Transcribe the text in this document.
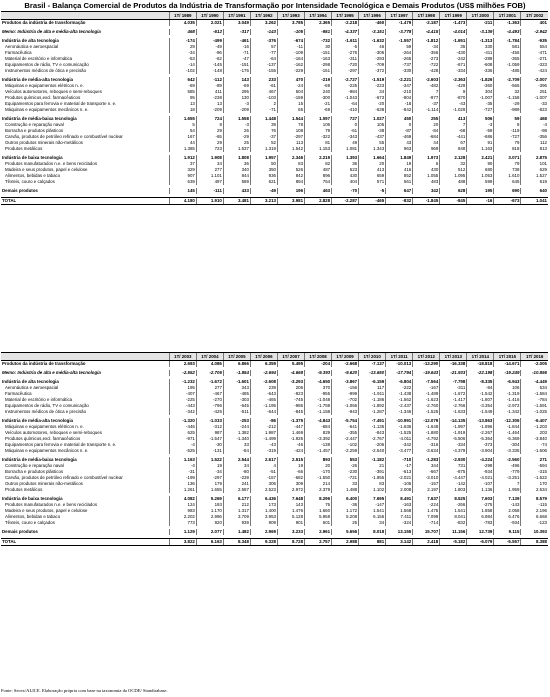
Brasil - Balança Comercial de Produtos da Indústria de Transformação por Intensidade Tecnológica e Demais Produtos (US$ milhões FOB)
	1T/ 1989	1T/ 1990	1T/ 1991	1T/ 1992	1T/ 1993	1T/ 1994	1T/ 1995	1T/ 1996	1T/ 1997	1T/ 1998	1T/ 1999	1T/ 2000	1T/ 2001	1T/ 2002
Produtos da indústria de transformação	4.035	2.021	3.049	3.262	3.785	2.365	-2.218	-460	-1.479	-2.187	-1.473	-211	-1.363	401

Memo: Indústria de alta e média-alta tecnologia	468	-612	-317	-143	-105	-951	-4.337	-3.151	-3.778	-4.415	-4.014	-3.139	-4.493	-2.942

Indústria de alta tecnologia	-174	-499	-461	-376	-674	-732	-1.611	-1.632	-1.557	-1.812	-1.651	-1.313	-1.784	-935
Aeronáutica e aeroespacial	29	-49	-16	57	-11	30	-5	46	59	-34	35	330	581	554
Farmacêutica	-34	-96	-71	-77	-109	-151	-276	-306	-264	-356	-430	-411	-456	-471
Material de escritório e informática	-53	-62	-47	-64	-164	-163	-311	-293	-265	-273	-242	-289	-365	-271
Equipamentos de rádio, TV e comunicação	-14	-145	-151	-137	-162	-298	-720	-709	-737	-722	-671	-608	-1.059	-323
Instrumentos médicos de ótica e precisão	-102	-148	-176	-155	-229	-151	-297	-372	-330	-428	-334	-336	-485	-424

Indústria de média-alta tecnologia	642	-112	143	233	470	-219	-2.727	-1.519	-2.221	-2.603	-2.363	-1.826	-2.709	-2.007
Máquinas e equipamentos elétricos n. e.	-69	-89	-69	-61	-24	-69	-225	-223	-347	-482	-429	-360	-566	-396
Veículos automotores, reboques e semi-reboques	585	411	295	467	604	240	-984	34	-210	7	9	304	32	251
Produtos químicos,excl. farmacêuticos	95	-238	130	-103	-159	-300	-1.043	-673	-804	-977	-870	-1.007	-1.158	-1.007
Equipamentos para ferrovia e material de transporte n. e.	13	13	-3	2	15	-21	-64	-20	-18	-37	-43	-35	-29	-33
Máquinas e equipamentos mecânicos n. e.	18	-209	-209	-71	65	-69	-410	-638	-842	-1.114	-1.029	-727	-989	-823

Indústria de média-baixa tecnologia	1.655	724	1.558	1.448	1.544	1.097	727	1.027	450	255	413	506	59	468
Construção e reparação naval	5	8	-3	39	78	106	0	105	0	20	7	-3	8	-4
Borracha e produtos plásticos	54	29	26	76	108	79	-61	-38	-87	-84	-68	-59	-119	-98
Carvão, produtos de petróleo refinado e combustível nuclear	167	-65	-29	-37	-297	-322	-343	-437	-469	-684	-441	-686	-727	-356
Outros produtos minerais não-metálicos	44	29	25	52	113	81	49	55	43	44	67	91	79	112
Produtos metálicos	1.385	723	1.537	1.319	1.542	1.153	1.081	1.343	963	969	848	1.163	818	813

Indústria de baixa tecnologia	1.912	1.908	1.808	1.957	2.346	2.219	1.393	1.664	1.849	1.973	2.128	2.421	3.071	2.875
Produtos manufaturados n.e. e bens reciclados	37	34	36	50	83	82	36	20	19	6	32	90	79	101
Madeira e seus produtos, papel e celulose	329	277	340	350	526	487	523	413	416	430	512	680	738	629
Alimentos, bebidas e tabaco	907	1.101	844	936	842	896	430	659	852	1.055	1.095	1.053	1.610	1.527
Têxteis, couro e calçados	639	497	589	621	894	754	404	571	561	483	488	599	645	619

Demais produtos	145	-111	433	-49	196	463	-70	-5	647	342	628	195	690	640

TOTAL	4.180	1.910	3.481	3.213	3.981	2.828	-2.287	-465	-832	-1.845	-845	-16	-673	1.041
	1T/ 2003	1T/ 2004	1T/ 2005	1T/ 2006	1T/ 2007	1T/ 2008	1T/ 2009	1T/ 2010	1T/ 2011	1T/ 2012	1T/ 2013	1T/ 2014	1T/ 2015	1T/ 2016
Produtos da indústria de transformação	2.693	4.086	6.866	6.359	5.495	-204	-2.668	-7.137	-10.013	-13.290	-16.338	-18.818	-14.671	-2.005

Memo: Indústria de alta e média-alta tecnologia	-2.552	-2.706	-1.854	-2.694	-4.668	-9.393	-9.620	-13.650	-17.794	-19.643	-21.933	-22.198	-19.249	-10.856

Indústria de alta tecnologia	-1.232	-1.672	-1.601	-2.608	-3.293	-4.650	-3.867	-6.159	-6.804	-7.564	-7.798	-8.335	-6.943	-4.449
Aeronáutica e aeroespacial	195	277	343	239	206	370	-156	117	-222	-167	-311	-84	106	534
Farmacêutica	-407	-467	-485	-643	-923	-955	-999	-1.911	-1.438	-1.489	-1.672	-1.542	-1.319	-1.584
Material de escritório e informática	-225	-270	-303	-465	-745	-1.048	-702	-1.186	-1.562	-1.623	-1.417	-1.807	-1.416	-784
Equipamentos de rádio, TV e comunicação	-443	-796	-645	-1.195	-986	-1.759	-1.066	-1.892	-2.437	-2.760	-2.766	-3.354	-2.972	-1.591
Instrumentos médicos de ótica e precisão	-342	-425	-511	-644	-845	-1.158	-943	-1.287	-1.346	-1.525	-1.633	-1.549	-1.342	-1.025

Indústria de média-alta tecnologia	-1.320	-1.033	-253	-86	-1.375	-4.843	-5.754	-7.491	-10.991	-12.079	-14.135	-13.863	-12.306	-6.407
Máquinas e equipamentos elétricos n. e.	-446	-312	-244	-212	-447	-684	-641	-1.135	-1.636	-1.648	-1.997	-1.896	-1.844	-1.203
Veículos automotores, reboques e semi-reboques	625	987	1.382	1.987	1.469	829	-355	-843	-1.525	-1.880	-1.919	-2.267	-1.464	203
Produtos químicos,excl. farmacêuticos	-971	-1.547	-1.340	-1.499	-1.926	-3.392	-2.447	-2.767	-4.011	-4.792	-5.506	-5.364	-5.369	-3.840
Equipamentos para ferrovia e material de transporte n. e.	-4	-30	33	-43	-46	-138	-102	-206	-342	-316	-334	-373	-304	-74
Máquinas e equipamentos mecânicos n. e.	-525	-131	-84	-319	-424	-1.457	-2.259	-2.540	-3.477	-3.634	-4.379	-3.904	-3.335	-1.606

Indústria de média-baixa tecnologia	1.163	1.522	2.544	2.617	2.515	893	553	-1.182	-710	-1.283	-2.930	-4.224	-2.560	271
Construção e reparação naval	-4	19	34	4	19	20	-26	21	-17	344	731	-298	-496	-594
Borracha e produtos plásticos	-31	-34	-80	-51	-66	-170	-230	-391	-613	-667	-875	-934	-779	-315
Carvão, produtos de petróleo refinado e combustível nuclear	-199	-297	-239	-157	-682	-1.550	-721	-1.955	-2.021	-3.010	-4.447	-4.021	-3.251	-1.522
Outros produtos minerais não-metálicos	136	179	241	306	309	214	33	83	-105	-157	-142	-107	7	170
Produtos metálicos	1.261	1.655	2.587	2.523	2.972	2.379	1.488	1.102	2.008	2.197	1.803	1.136	1.959	2.534

Indústria de baixa tecnologia	4.082	5.269	6.177	6.436	7.648	8.296	6.400	7.695	8.491	7.637	8.525	7.603	7.139	8.579
Produtos manufaturados n.e. e bens reciclados	124	193	212	173	143	76	-36	-147	-163	-224	-266	-275	-143	-115
Madeira e seus produtos, papel e celulose	983	1.170	1.317	1.400	1.476	1.660	1.172	1.541	1.568	1.475	1.541	1.858	2.058	2.196
Alimentos, bebidas e tabaco	2.202	2.996	3.709	3.953	5.128	5.958	5.208	6.156	7.411	7.099	8.041	6.984	6.476	6.668
Têxteis, couro e calçados	773	920	939	909	901	601	25	34	-324	-714	-832	-783	-934	-123

Demais produtos	1.129	2.077	1.482	2.969	3.233	2.961	5.656	8.018	13.155	15.707	11.156	12.739	9.115	10.393

TOTAL	3.822	6.163	8.348	9.328	8.728	2.757	2.988	881	3.142	2.418	-5.182	-6.079	-5.557	8.388
Fonte: Secex/ALICE. Elaboração própria com base na taxonomia da OCDE/ Standtrabase.
